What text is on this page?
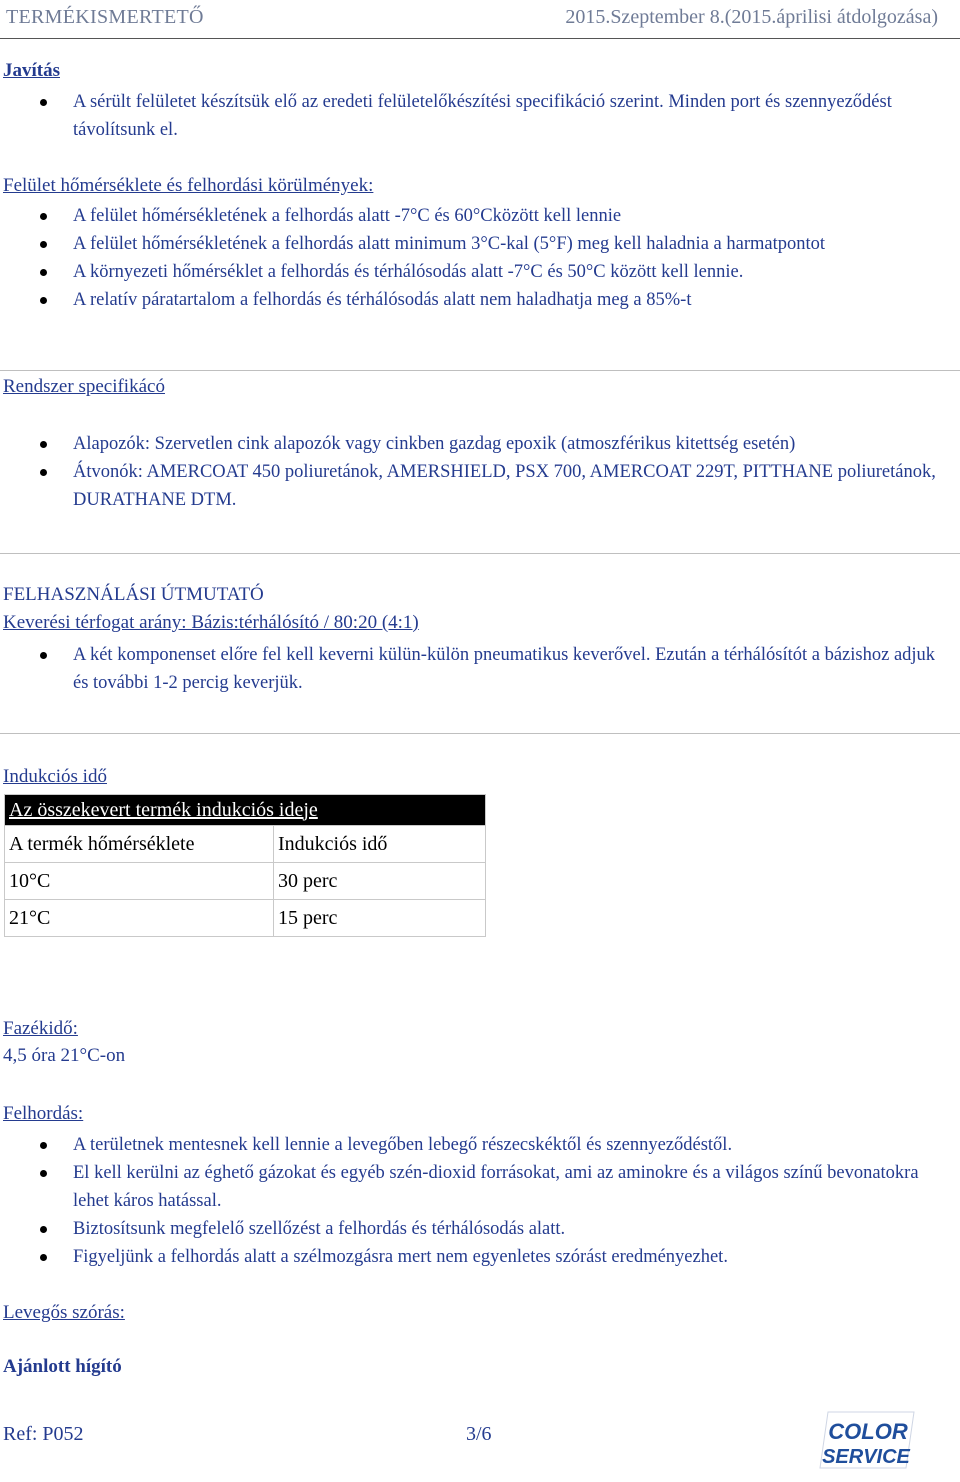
TERMÉKISMERTETŐ	2015.Szeptember 8.(2015.áprilisi átdolgozása)
Javítás
A sérült felületet készítsük elő az eredeti felületelőkészítési specifikáció szerint. Minden port és szennyeződést távolítsunk el.
Felület hőmérséklete és felhordási körülmények:
A felület hőmérsékletének a felhordás alatt -7°C és 60°Cközött kell lennie
A felület hőmérsékletének a felhordás alatt minimum 3°C-kal (5°F) meg kell haladnia a harmatpontot
A környezeti hőmérséklet a felhordás és térhálósodás alatt -7°C és 50°C között kell lennie.
A relatív páratartalom a felhordás és térhálósodás alatt nem haladhatja meg a 85%-t
Rendszer specifikácó
Alapozók: Szervetlen cink alapozók vagy cinkben gazdag epoxik (atmoszférikus kitettség esetén)
Átvonók: AMERCOAT 450 poliuretánok, AMERSHIELD, PSX 700, AMERCOAT 229T, PITTHANE poliuretánok, DURATHANE DTM.
FELHASZNÁLÁSI ÚTMUTATÓ
Keverési térfogat arány: Bázis:térhálósító / 80:20 (4:1)
A két komponenset előre fel kell keverni külün-külön pneumatikus keverővel. Ezután a térhálósítót a bázishoz adjuk és további 1-2 percig keverjük.
Indukciós idő
Az összekevert termék indukciós ideje	
A termék hőmérséklete	Indukciós idő
10°C	30 perc
21°C	15 perc
Fazékidő:
4,5 óra 21°C-on
Felhordás:
A területnek mentesnek kell lennie a levegőben lebegő részecskéktől és szennyeződéstől.
El kell kerülni az éghető gázokat és egyéb szén-dioxid forrásokat, ami az aminokre és a világos színű bevonatokra lehet káros hatással.
Biztosítsunk megfelelő szellőzést a felhordás és térhálósodás alatt.
Figyeljünk a felhordás alatt a szélmozgásra mert nem egyenletes szórást eredményezhet.
Levegős szórás:
Ajánlott hígító
Ref: P052	3/6	COLOR
SERVICE
